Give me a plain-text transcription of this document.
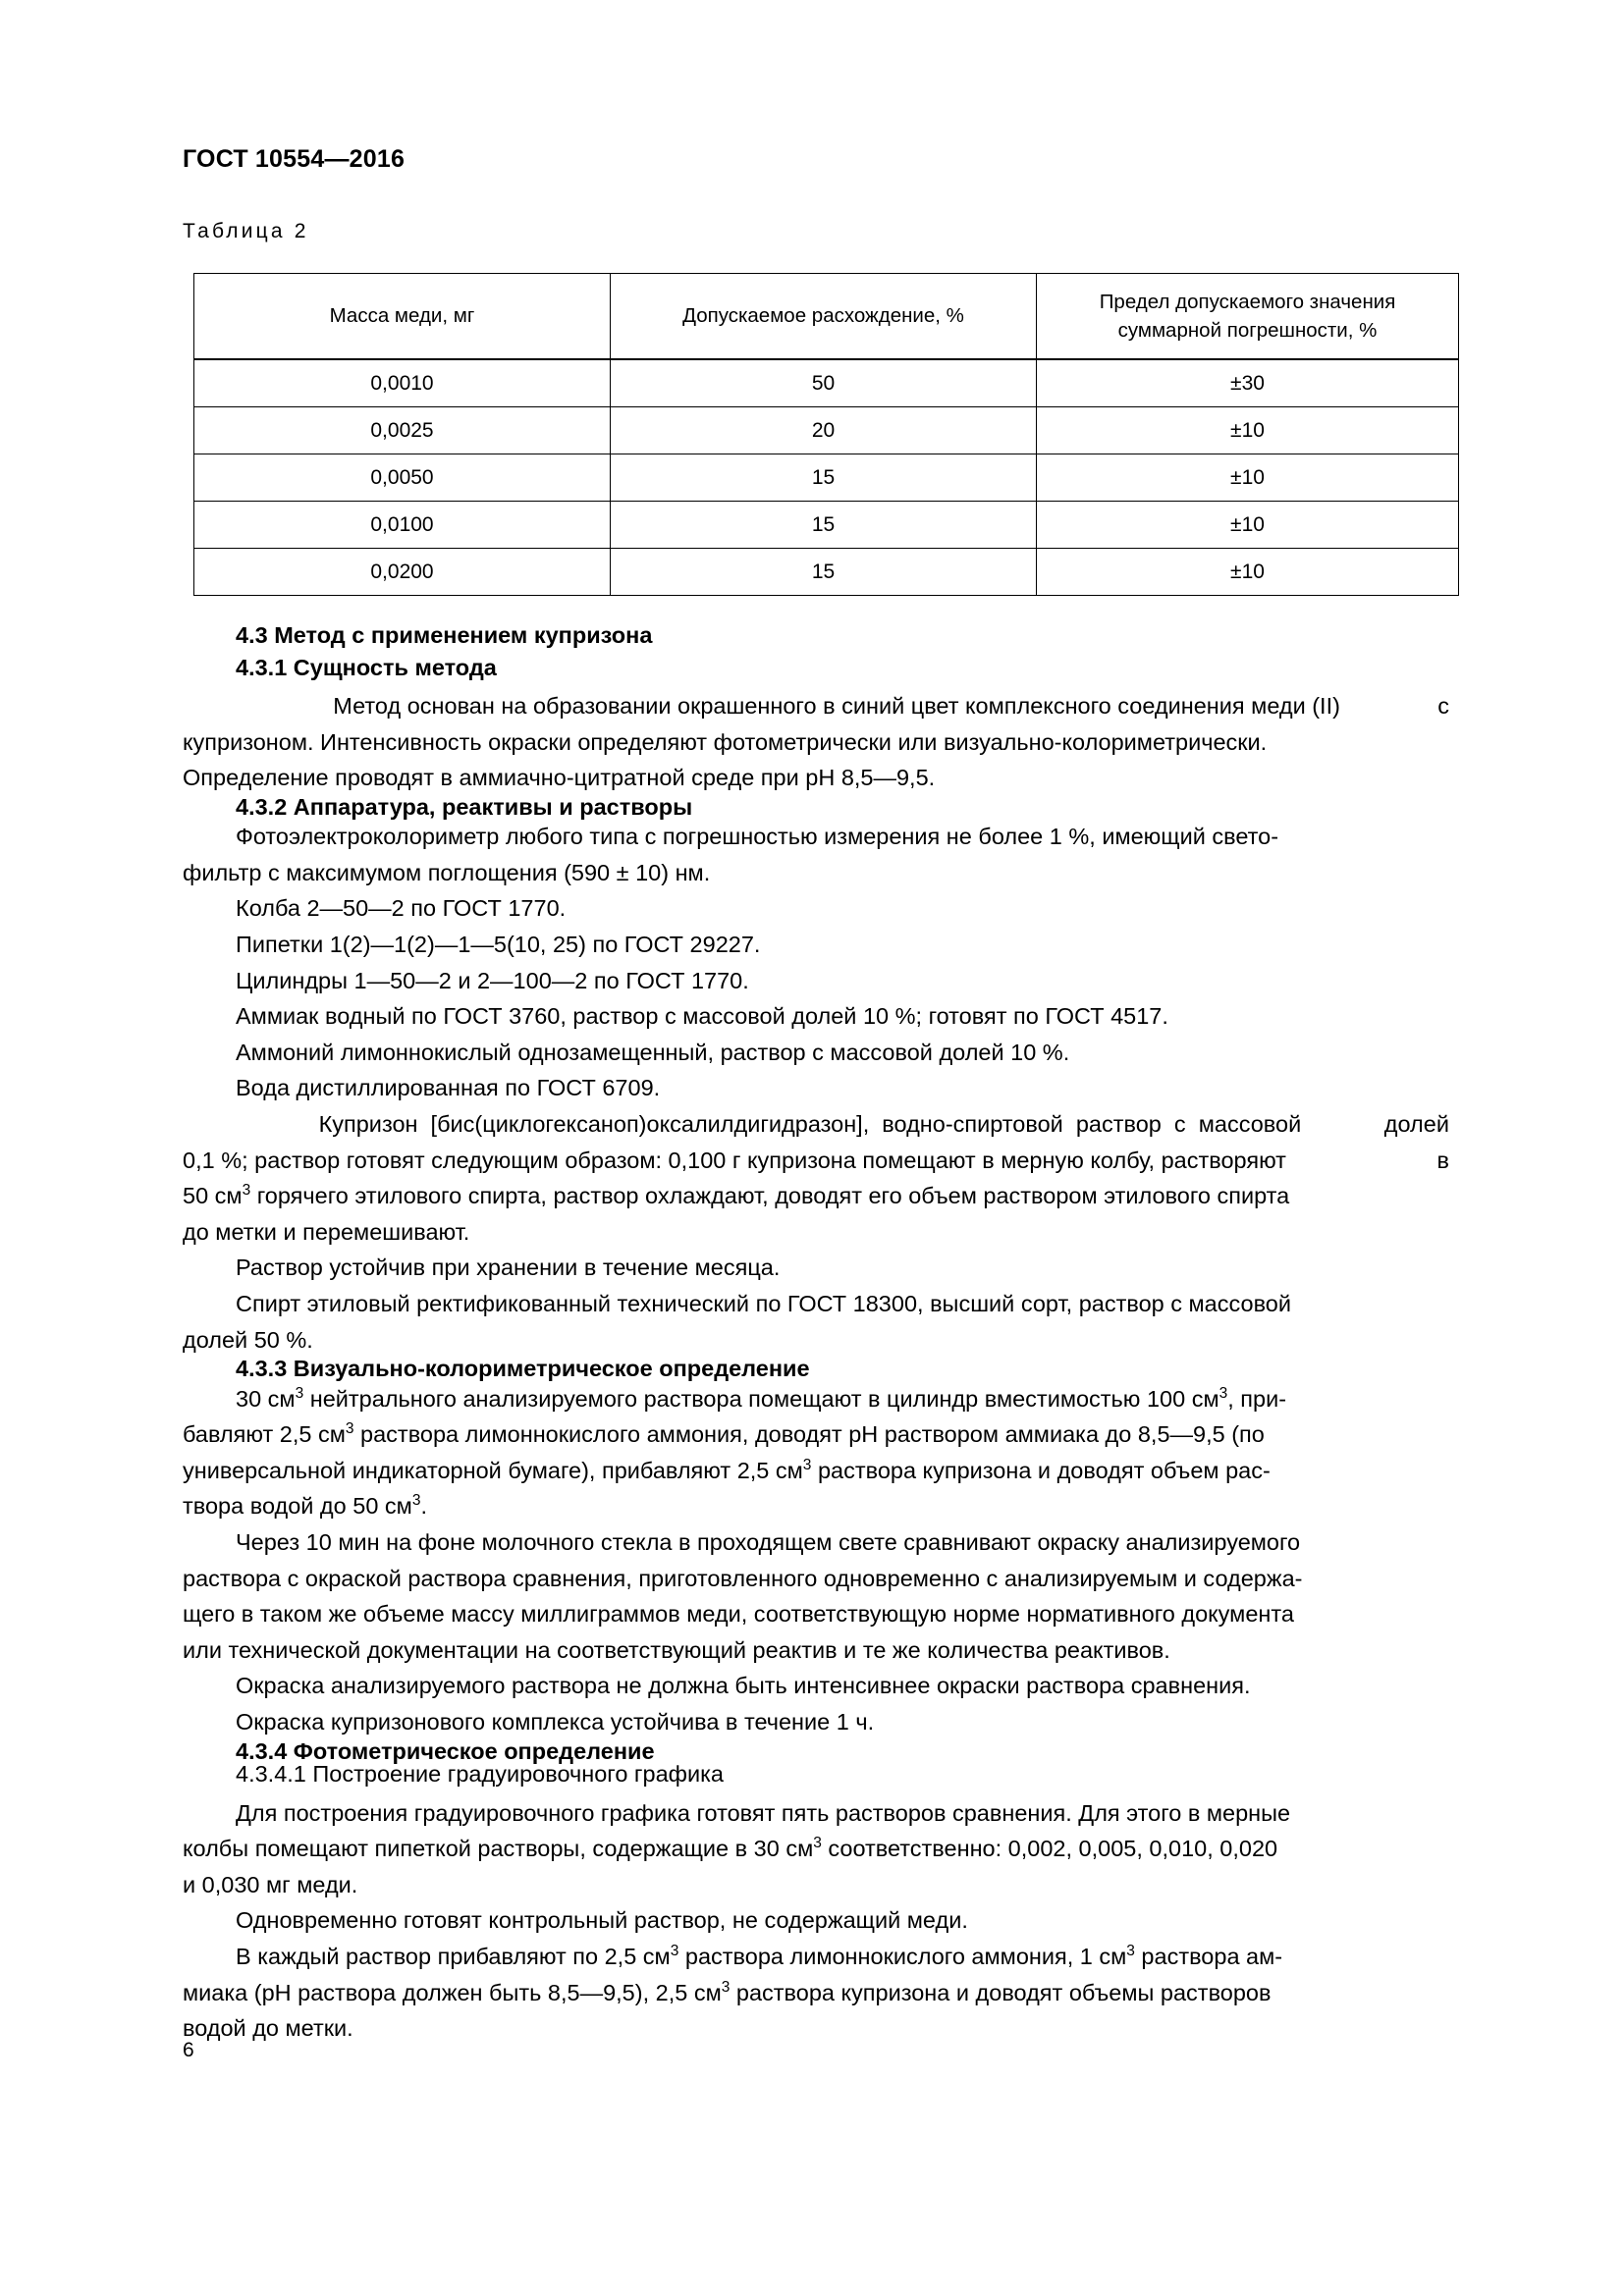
ГОСТ 10554—2016
Таблица 2
Масса меди, мг	Допускаемое расхождение, %	Предел допускаемого значения
суммарной погрешности, %

0,0010	50	±30
0,0025	20	±10
0,0050	15	±10
0,0100	15	±10
0,0200	15	±10
4.3 Метод с применением купризона
4.3.1 Сущность метода

Метод основан на образовании окрашенного в синий цвет комплексного соединения меди (II)	с
купризоном. Интенсивность окраски определяют фотометрически или визуально-колориметрически.
Определение проводят в аммиачно-цитратной среде при pH 8,5—9,5.

4.3.2 Аппаратура, реактивы и растворы

Фотоэлектроколориметр любого типа с погрешностью измерения не более 1 %, имеющий свето-
фильтр с максимумом поглощения (590 ± 10) нм.

Колба 2—50—2 по ГОСТ 1770.

Пипетки 1(2)—1(2)—1—5(10, 25) по ГОСТ 29227.

Цилиндры 1—50—2 и 2—100—2 по ГОСТ 1770.

Аммиак водный по ГОСТ 3760, раствор с массовой долей 10 %; готовят по ГОСТ 4517.

Аммоний лимоннокислый однозамещенный, раствор с массовой долей 10 %.

Вода дистиллированная по ГОСТ 6709.

Купризон  [бис(циклогексаноп)оксалилдигидразон],  водно-спиртовой  раствор  с  массовой	долей
0,1 %; раствор готовят следующим образом: 0,100 г купризона помещают в мерную колбу, растворяют	в
50 $см^3$ горячего этилового спирта, раствор охлаждают, доводят его объем раствором этилового спирта
до метки и перемешивают.

Раствор устойчив при хранении в течение месяца.

Спирт этиловый ректификованный технический по ГОСТ 18300, высший сорт, раствор с массовой
долей 50 %.

4.3.3 Визуально-колориметрическое определение

30 $см^3$ нейтрального анализируемого раствора помещают в цилиндр вместимостью 100 $см^3$, при-
бавляют 2,5 $см^3$ раствора лимоннокислого аммония, доводят pH раствором аммиака до 8,5—9,5 (по
универсальной индикаторной бумаге), прибавляют 2,5 $см^3$ раствора купризона и доводят объем рас-
твора водой до 50 $см^3$.

Через 10 мин на фоне молочного стекла в проходящем свете сравнивают окраску анализируемого
раствора с окраской раствора сравнения, приготовленного одновременно с анализируемым и содержа-
щего в таком же объеме массу миллиграммов меди, соответствующую норме нормативного документа
или технической документации на соответствующий реактив и те же количества реактивов.

Окраска анализируемого раствора не должна быть интенсивнее окраски раствора сравнения.

Окраска купризонового комплекса устойчива в течение 1 ч.

4.3.4 Фотометрическое определение
4.3.4.1 Построение градуировочного графика

Для построения градуировочного графика готовят пять растворов сравнения. Для этого в мерные
колбы помещают пипеткой растворы, содержащие в 30 $см^3$ соответственно: 0,002, 0,005, 0,010, 0,020
и 0,030 мг меди.

Одновременно готовят контрольный раствор, не содержащий меди.

В каждый раствор прибавляют по 2,5 $см^3$ раствора лимоннокислого аммония, 1 $см^3$ раствора ам-
миака (pH раствора должен быть 8,5—9,5), 2,5 $см^3$ раствора купризона и доводят объемы растворов
водой до метки.

6
